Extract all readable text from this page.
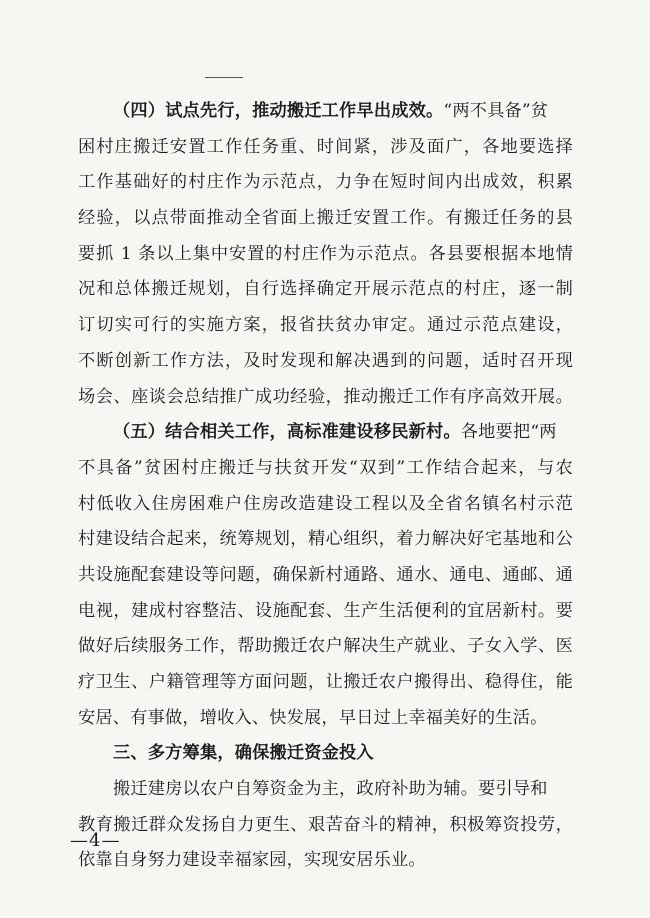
（四）试点先行，推动搬迁工作早出成效。“两不具备”贫
困村庄搬迁安置工作任务重、时间紧，涉及面广，各地要选择
工作基础好的村庄作为示范点，力争在短时间内出成效，积累
经验，以点带面推动全省面上搬迁安置工作。有搬迁任务的县
要抓 1 条以上集中安置的村庄作为示范点。各县要根据本地情
况和总体搬迁规划，自行选择确定开展示范点的村庄，逐一制
订切实可行的实施方案，报省扶贫办审定。通过示范点建设，
不断创新工作方法，及时发现和解决遇到的问题，适时召开现
场会、座谈会总结推广成功经验，推动搬迁工作有序高效开展。
（五）结合相关工作，高标准建设移民新村。各地要把“两
不具备”贫困村庄搬迁与扶贫开发“双到”工作结合起来，与农
村低收入住房困难户住房改造建设工程以及全省名镇名村示范
村建设结合起来，统筹规划，精心组织，着力解决好宅基地和公
共设施配套建设等问题，确保新村通路、通水、通电、通邮、通
电视，建成村容整洁、设施配套、生产生活便利的宜居新村。要
做好后续服务工作，帮助搬迁农户解决生产就业、子女入学、医
疗卫生、户籍管理等方面问题，让搬迁农户搬得出、稳得住，能
安居、有事做，增收入、快发展，早日过上幸福美好的生活。
三、多方筹集，确保搬迁资金投入
搬迁建房以农户自筹资金为主，政府补助为辅。要引导和
教育搬迁群众发扬自力更生、艰苦奋斗的精神，积极筹资投劳，
依靠自身努力建设幸福家园，实现安居乐业。
—4—
